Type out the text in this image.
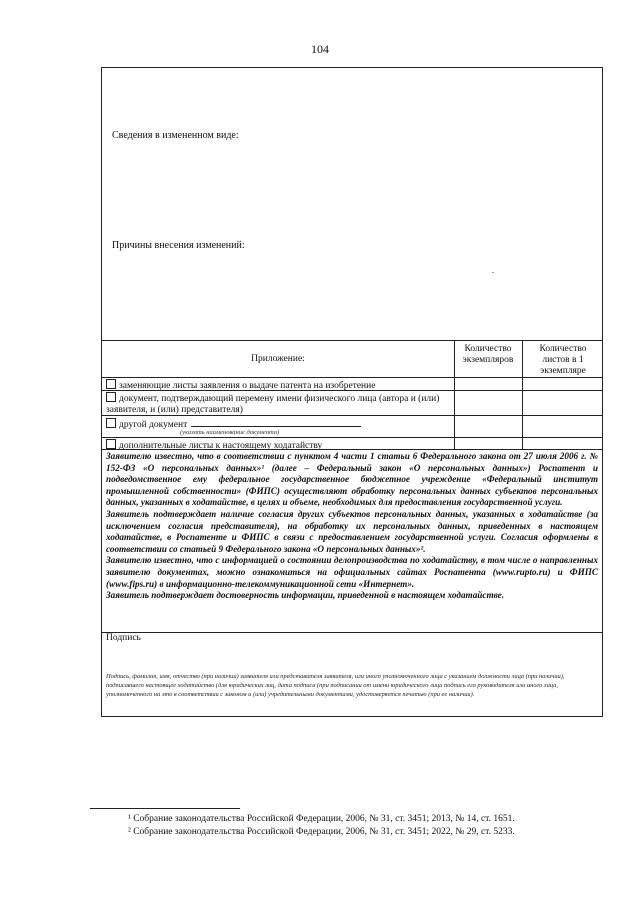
104
Сведения в измененном виде:
Причины внесения изменений:
Приложение:
Количество экземпляров
Количество листов в 1 экземпляре
заменяющие листы заявления о выдаче патента на изобретение
документ, подтверждающий перемену имени физического лица (автора и (или) заявителя, и (или) представителя)
другой документ
(указать наименование документа)
дополнительные листы к настоящему ходатайству
Заявителю известно, что в соответствии с пунктом 4 части 1 статьи 6 Федерального закона от 27 июля 2006 г. № 152-ФЗ «О персональных данных»¹ (далее – Федеральный закон «О персональных данных») Роспатент и подведомственное ему федеральное государственное бюджетное учреждение «Федеральный институт промышленной собственности» (ФИПС) осуществляют обработку персональных данных субъектов персональных данных, указанных в ходатайстве, в целях и объеме, необходимых для предоставления государственной услуги.
Заявитель подтверждает наличие согласия других субъектов персональных данных, указанных в ходатайстве (за исключением согласия представителя), на обработку их персональных данных, приведенных в настоящем ходатайстве, в Роспатенте и ФИПС в связи с предоставлением государственной услуги. Согласия оформлены в соответствии со статьей 9 Федерального закона «О персональных данных»².
Заявителю известно, что с информацией о состоянии делопроизводства по ходатайству, в том числе о направленных заявителю документах, можно ознакомиться на официальных сайтах Роспатента (www.rupto.ru) и ФИПС (www.fips.ru) в информационно-телекоммуникационной сети «Интернет».
Заявитель подтверждает достоверность информации, приведенной в настоящем ходатайстве.
Подпись
Подпись, фамилия, имя, отчество (при наличии) заявителя или представителя заявителя, или иного уполномоченного лица с указанием должности лица (при наличии), подписавшего настоящее ходатайство (для юридических лиц, дата подписи (при подписании от имени юридического лица подпись его руководителя или иного лица, уполномоченного на это в соответствии с законом и (или) учредительными документами, удостоверяется печатью (при ее наличии).
¹ Собрание законодательства Российской Федерации, 2006, № 31, ст. 3451; 2013, № 14, ст. 1651.
² Собрание законодательства Российской Федерации, 2006, № 31, ст. 3451; 2022, № 29, ст. 5233.
